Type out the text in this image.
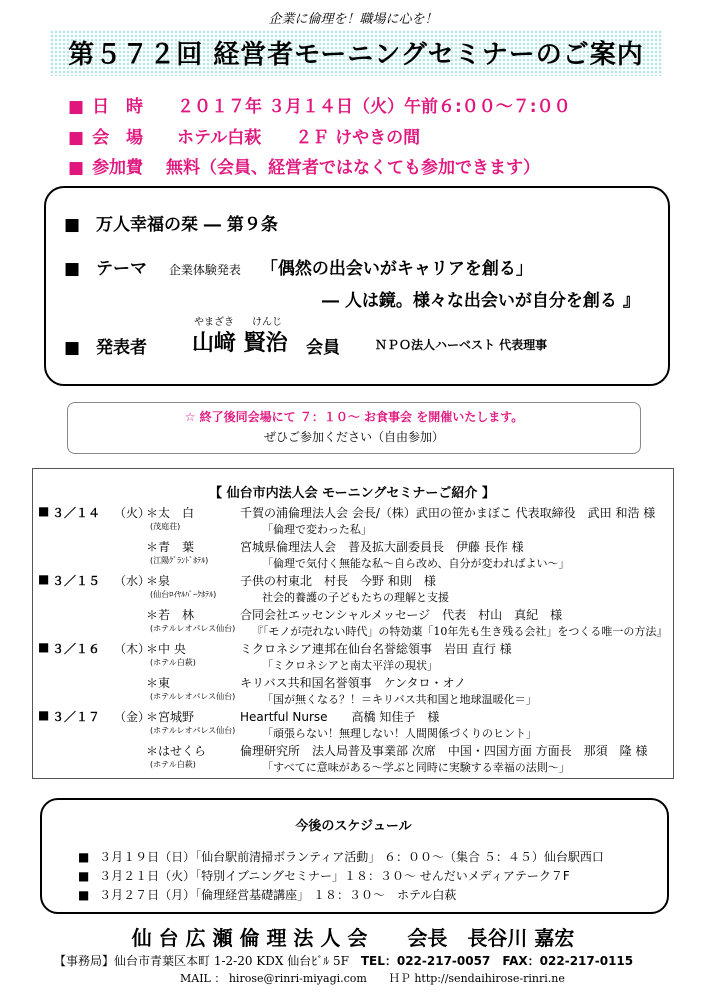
企業に倫理を！職場に心を！
第５７２回 経営者モーニングセミナーのご案内
■ 日　時　　２０１７年 ３月１４日（火）午前６:００～７:００
■ 会　場　　ホテル白萩　　２Ｆ けやきの間
■ 参加費　 無料（会員、経営者ではなくても参加できます）
■ 万人幸福の栞 ― 第９条
■ テーマ 企業体験発表 「偶然の出会いがキャリアを創る」
― 人は鏡。様々な出会いが自分を創る 』
やまざき けんじ
■ 発表者 山﨑 賢治 会員	ＮＰＯ法人ハーベスト 代表理事
☆ 終了後同会場にて ７：１０～ お食事会 を開催いたします。
ぜひご参加ください（自由参加）
【 仙台市内法人会 モーニングセミナーご紹介 】
■ ３／１４ （火）
＊太　白
(茂庭荘)
千賀の浦倫理法人会 会長/（株）武田の笹かまぼこ 代表取締役　武田 和浩 様
「倫理で変わった私」
＊青　葉
(江陽ｸﾞﾗﾝﾄﾞﾎﾃﾙ)
宮城県倫理法人会　普及拡大副委員長　伊藤 長作 様
「倫理で気付く無能な私～自ら改め、自分が変わればよい～」
■ ３／１５ （水）
＊泉
(仙台ﾛｲﾔﾙﾊﾟｰｸﾎﾃﾙ)
子供の村東北　村長　今野 和則　様
社会的養護の子どもたちの理解と支援
＊若　林
(ホテルレオパレス仙台)
合同会社エッセンシャルメッセージ　代表　村山　真紀　様
『「モノが売れない時代」の特効薬「10年先も生き残る会社」をつくる唯一の方法』
■ ３／１６ （木）
＊中 央
(ホテル白萩)
ミクロネシア連邦在仙台名誉総領事　岩田 直行 様
「ミクロネシアと南太平洋の現状」
＊東
(ホテルレオパレス仙台)
キリバス共和国名誉領事　ケンタロ・オノ
「国が無くなる？！＝キリバス共和国と地球温暖化＝」
■ ３／１７ （金）
＊宮城野
(ホテルレオパレス仙台)
Heartful Nurse　　高橋 知佳子　様
「頑張らない！無理しない！人間関係づくりのヒント」
＊はせくら
(ホテル白萩)
倫理研究所　法人局普及事業部 次席　中国・四国方面 方面長　那須　隆 様
「すべてに意味がある～学ぶと同時に実験する幸福の法則～」
今後のスケジュール
■ ３月１９日（日）「仙台駅前清掃ボランティア活動」 ６：００～（集合 ５：４５）仙台駅西口
■ ３月２１日（火）「特別イブニングセミナー」１８：３０～ せんだいメディアテーク７F
■ ３月２７日（月）「倫理経営基礎講座」 １８：３０～　ホテル白萩
仙 台 広 瀬 倫 理 法 人 会　　会長　長谷川 嘉宏
【事務局】仙台市青葉区本町 1-2-20 KDX 仙台ﾋﾞﾙ 5F TEL：022-217-0057　FAX：022-217-0115
MAIL ： hirose@rinri-miyagi.com　　ＨＰ http://sendaihirose-rinri.ne
